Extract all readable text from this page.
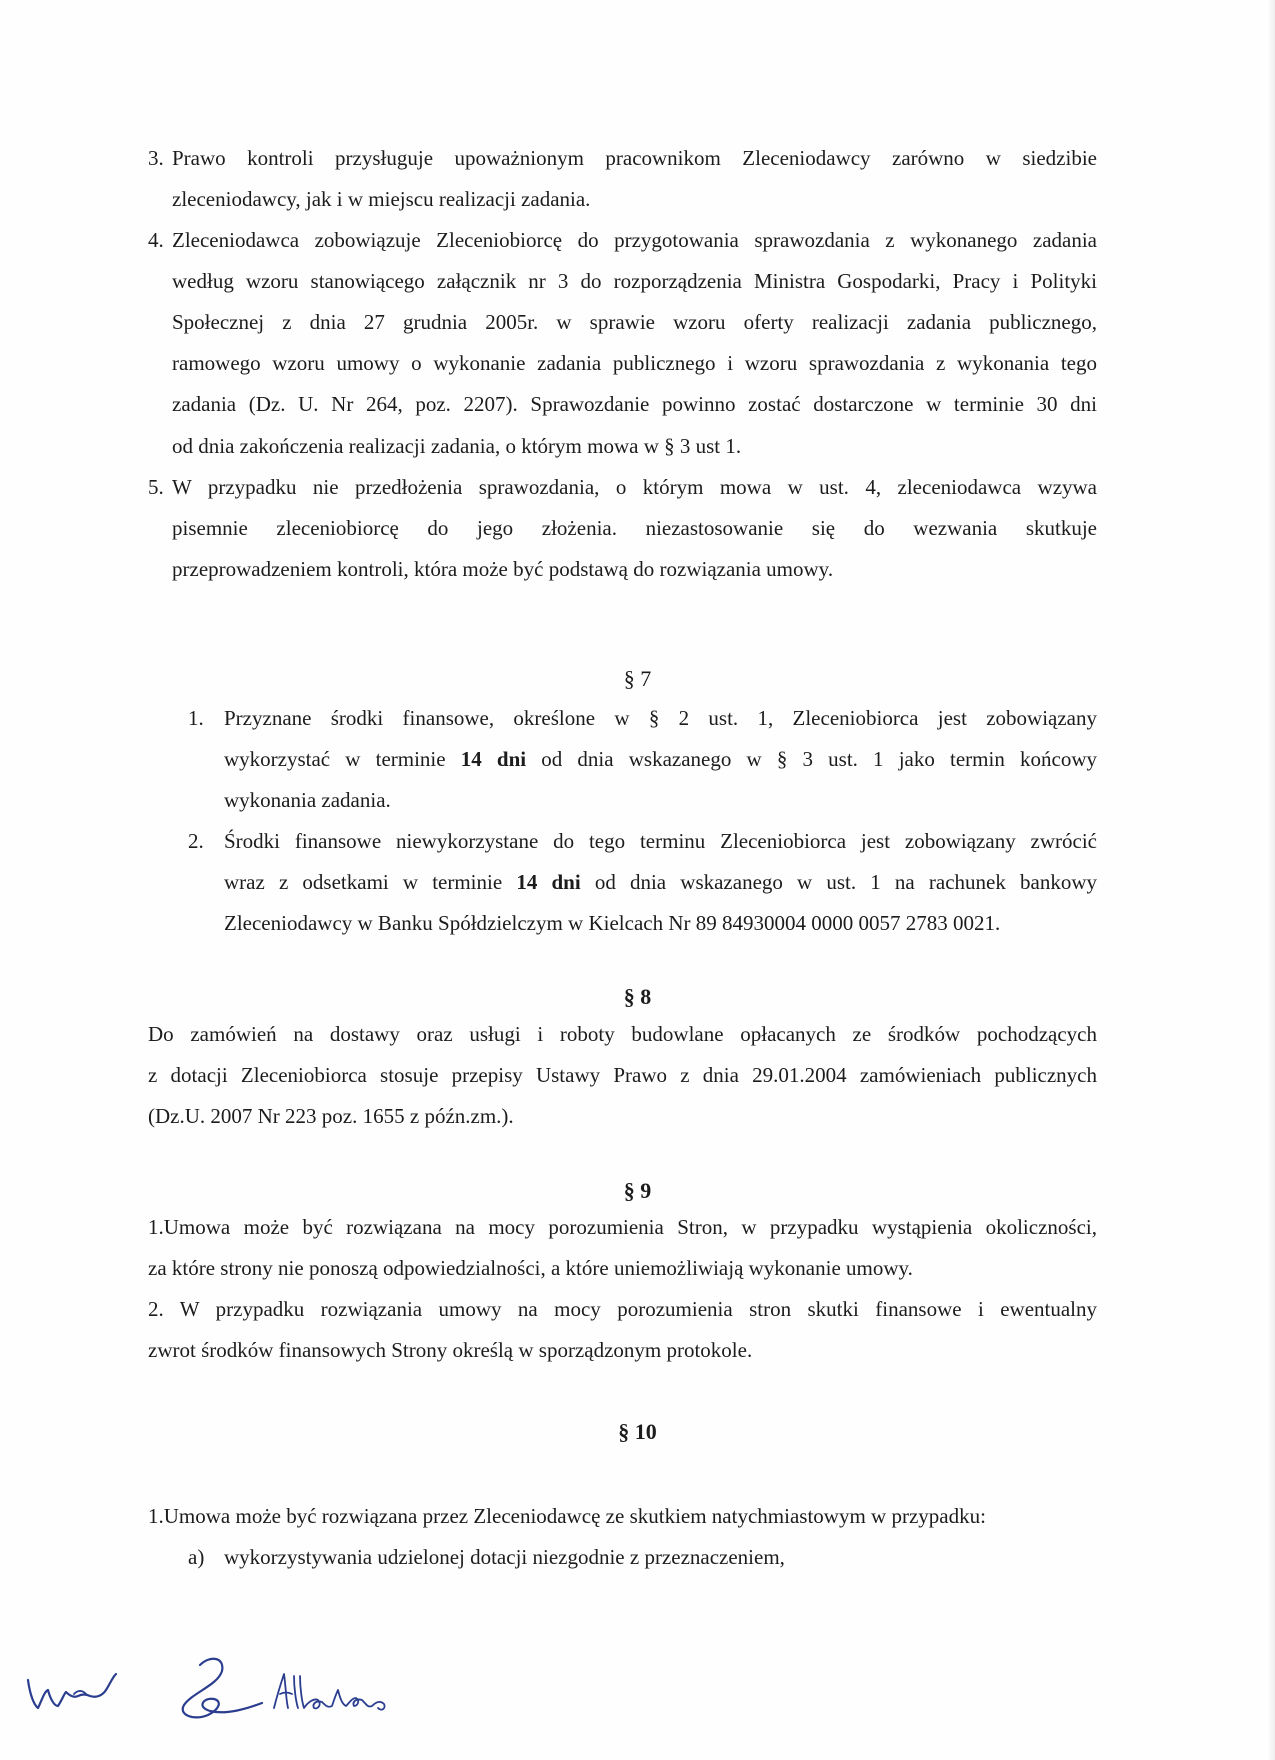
3. Prawo kontroli przysługuje upoważnionym pracownikom Zleceniodawcy zarówno w siedzibie
zleceniodawcy, jak i w miejscu realizacji zadania.
4. Zleceniodawca zobowiązuje Zleceniobiorcę do przygotowania sprawozdania z wykonanego zadania
według wzoru stanowiącego załącznik nr 3 do rozporządzenia Ministra Gospodarki, Pracy i Polityki
Społecznej z dnia 27 grudnia 2005r. w sprawie wzoru oferty realizacji zadania publicznego,
ramowego wzoru umowy o wykonanie zadania publicznego i wzoru sprawozdania z wykonania tego
zadania (Dz. U. Nr 264, poz. 2207). Sprawozdanie powinno zostać dostarczone w terminie 30 dni
od dnia zakończenia realizacji zadania, o którym mowa w § 3 ust 1.
5. W przypadku nie przedłożenia sprawozdania, o którym mowa w ust. 4, zleceniodawca wzywa
pisemnie zleceniobiorcę do jego złożenia. niezastosowanie się do wezwania skutkuje
przeprowadzeniem kontroli, która może być podstawą do rozwiązania umowy.
§ 7
1. Przyznane środki finansowe, określone w § 2 ust. 1, Zleceniobiorca jest zobowiązany
wykorzystać w terminie 14 dni od dnia wskazanego w § 3 ust. 1 jako termin końcowy
wykonania zadania.
2. Środki finansowe niewykorzystane do tego terminu Zleceniobiorca jest zobowiązany zwrócić
wraz z odsetkami w terminie 14 dni od dnia wskazanego w ust. 1 na rachunek bankowy
Zleceniodawcy w Banku Spółdzielczym w Kielcach Nr 89 84930004 0000 0057 2783 0021.
§ 8
Do zamówień na dostawy oraz usługi i roboty budowlane opłacanych ze środków pochodzących
z dotacji Zleceniobiorca stosuje przepisy Ustawy Prawo z dnia 29.01.2004 zamówieniach publicznych
(Dz.U. 2007 Nr 223 poz. 1655 z późn.zm.).
§ 9
1.Umowa może być rozwiązana na mocy porozumienia Stron, w przypadku wystąpienia okoliczności,
za które strony nie ponoszą odpowiedzialności, a które uniemożliwiają wykonanie umowy.
2. W przypadku rozwiązania umowy na mocy porozumienia stron skutki finansowe i ewentualny
zwrot środków finansowych Strony określą w sporządzonym protokole.
§ 10
1.Umowa może być rozwiązana przez Zleceniodawcę ze skutkiem natychmiastowym w przypadku:
a) wykorzystywania udzielonej dotacji niezgodnie z przeznaczeniem,
